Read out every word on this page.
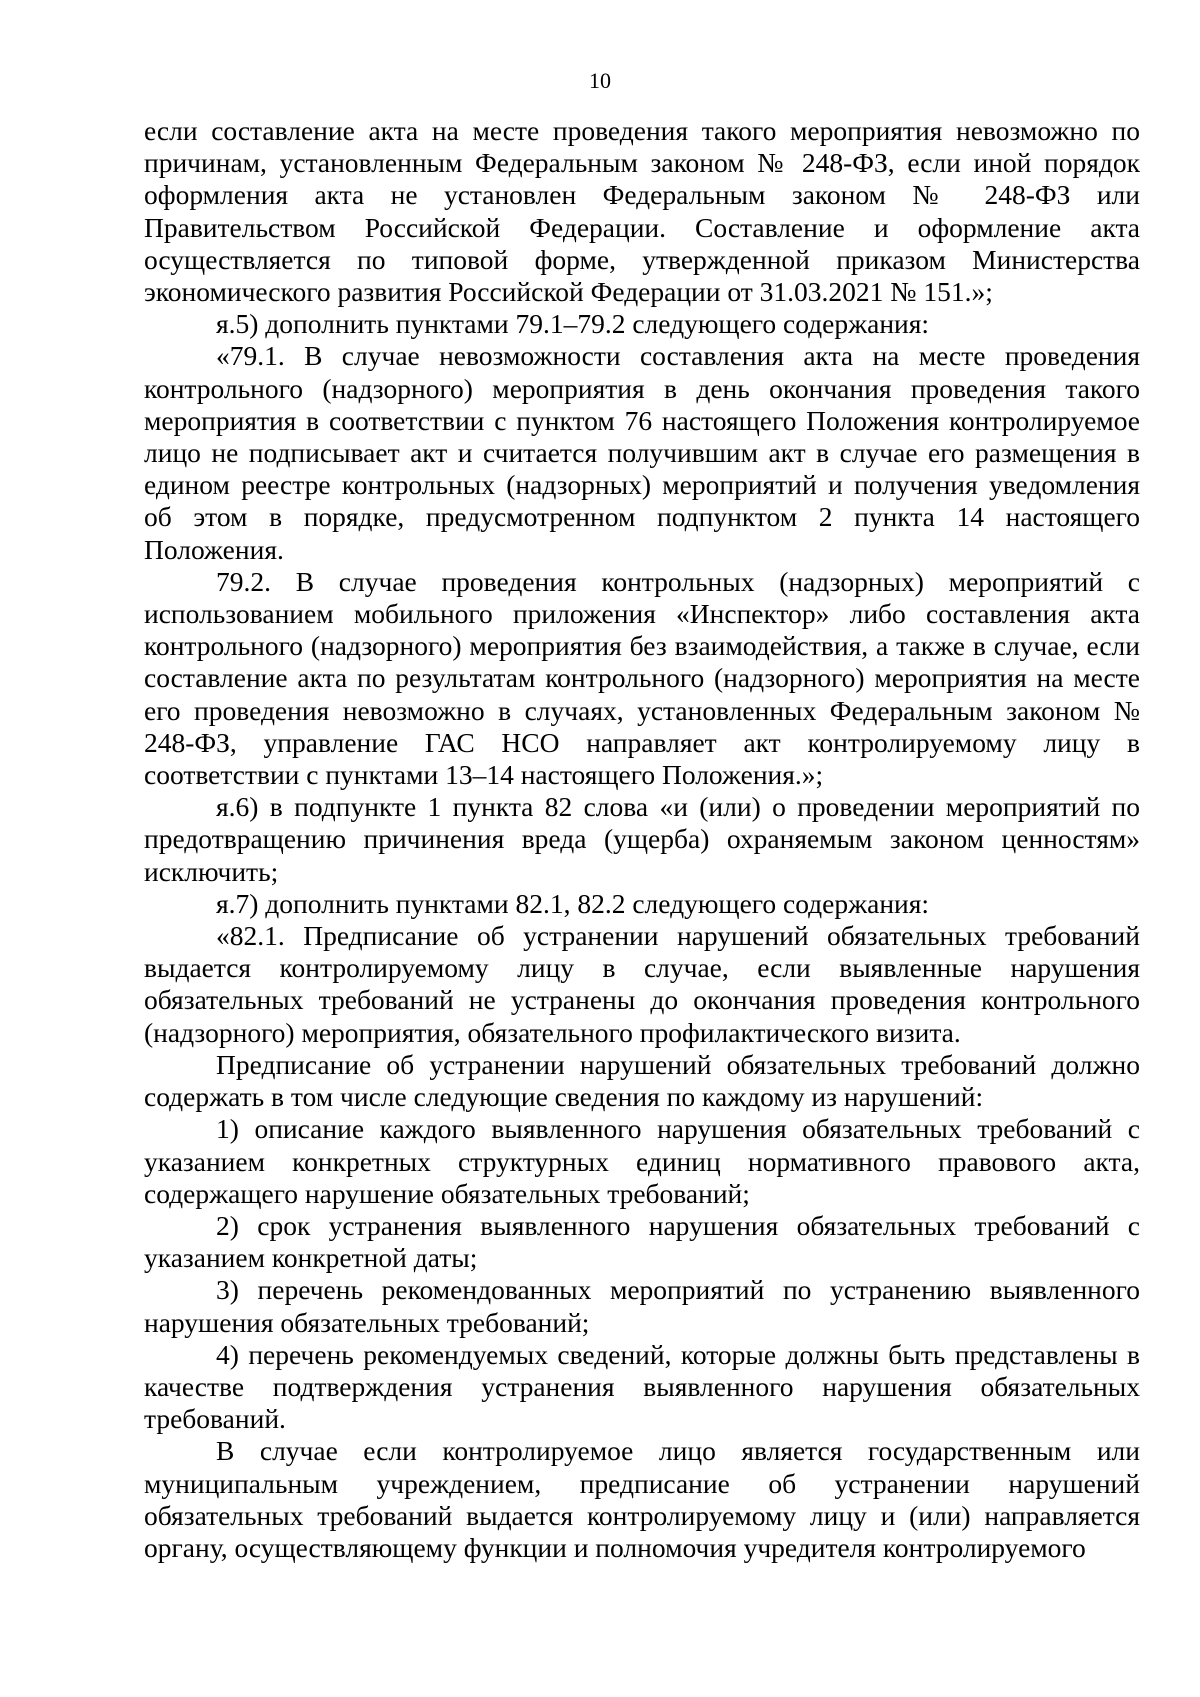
10

если составление акта на месте проведения такого мероприятия невозможно по причинам, установленным Федеральным законом № 248-ФЗ, если иной порядок оформления акта не установлен Федеральным законом № 248-ФЗ или Правительством Российской Федерации. Составление и оформление акта осуществляется по типовой форме, утвержденной приказом Министерства экономического развития Российской Федерации от 31.03.2021 № 151.»;

я.5) дополнить пунктами 79.1–79.2 следующего содержания:

«79.1. В случае невозможности составления акта на месте проведения контрольного (надзорного) мероприятия в день окончания проведения такого мероприятия в соответствии с пунктом 76 настоящего Положения контролируемое лицо не подписывает акт и считается получившим акт в случае его размещения в едином реестре контрольных (надзорных) мероприятий и получения уведомления об этом в порядке, предусмотренном подпунктом 2 пункта 14 настоящего Положения.

79.2. В случае проведения контрольных (надзорных) мероприятий с использованием мобильного приложения «Инспектор» либо составления акта контрольного (надзорного) мероприятия без взаимодействия, а также в случае, если составление акта по результатам контрольного (надзорного) мероприятия на месте его проведения невозможно в случаях, установленных Федеральным законом № 248-ФЗ, управление ГАС НСО направляет акт контролируемому лицу в соответствии с пунктами 13–14 настоящего Положения.»;

я.6) в подпункте 1 пункта 82 слова «и (или) о проведении мероприятий по предотвращению причинения вреда (ущерба) охраняемым законом ценностям» исключить;

я.7) дополнить пунктами 82.1, 82.2 следующего содержания:

«82.1. Предписание об устранении нарушений обязательных требований выдается контролируемому лицу в случае, если выявленные нарушения обязательных требований не устранены до окончания проведения контрольного (надзорного) мероприятия, обязательного профилактического визита.

Предписание об устранении нарушений обязательных требований должно содержать в том числе следующие сведения по каждому из нарушений:

1) описание каждого выявленного нарушения обязательных требований с указанием конкретных структурных единиц нормативного правового акта, содержащего нарушение обязательных требований;

2) срок устранения выявленного нарушения обязательных требований с указанием конкретной даты;

3) перечень рекомендованных мероприятий по устранению выявленного нарушения обязательных требований;

4) перечень рекомендуемых сведений, которые должны быть представлены в качестве подтверждения устранения выявленного нарушения обязательных требований.

В случае если контролируемое лицо является государственным или муниципальным учреждением, предписание об устранении нарушений обязательных требований выдается контролируемому лицу и (или) направляется органу, осуществляющему функции и полномочия учредителя контролируемого
